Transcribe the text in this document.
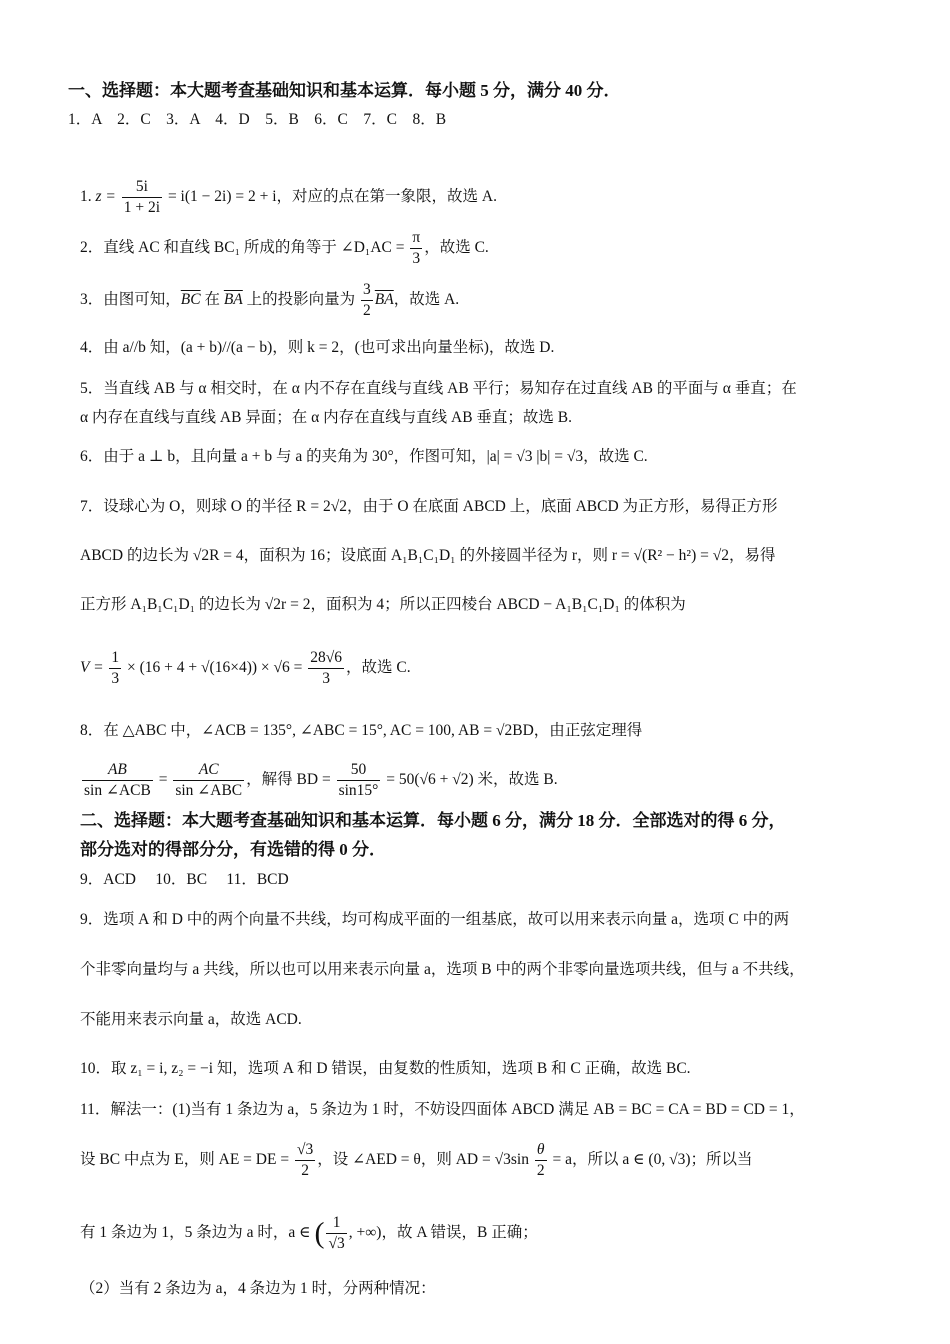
一、选择题：本大题考查基础知识和基本运算．每小题 5 分，满分 40 分．
1．A　2．C　3．A　4．D　5．B　6．C　7．C　8．B
1. $z = \frac{5i}{1 + 2i} = i(1 - 2i) = 2 + i$，对应的点在第一象限，故选 A.
2．直线 AC 和直线 BC₁ 所成的角等于 ∠D₁AC = $\frac{\pi}{3}$ ，故选 C.
3．由图可知，$\overline{BC}$ 在 $\overline{BA}$ 上的投影向量为 $\frac{3}{2} \overline{BA}$，故选 A.
4．由 a//b 知，(a + b)//(a − b)，则 k = 2，(也可求出向量坐标)，故选 D.
5．当直线 AB 与 α 相交时，在 α 内不存在直线与直线 AB 平行；易知存在过直线 AB 的平面与 α 垂直；在
α 内存在直线与直线 AB 异面；在 α 内存在直线与直线 AB 垂直；故选 B.
6．由于 a ⊥ b，且向量 a + b 与 a 的夹角为 30°，作图可知，|a| = √3 |b| = √3，故选 C.
7．设球心为 O，则球 O 的半径 R = 2√2，由于 O 在底面 ABCD 上，底面 ABCD 为正方形，易得正方形
ABCD 的边长为 √2R = 4，面积为 16；设底面 A₁B₁C₁D₁ 的外接圆半径为 r，则 r = √(R² − h²) = √2，易得
正方形 A₁B₁C₁D₁ 的边长为 √2r = 2，面积为 4；所以正四棱台 ABCD − A₁B₁C₁D₁ 的体积为
$V = \frac{1}{3} \times (16 + 4 + √(16\times 4)) \times √6 = \frac{28√6}{3}$ ，故选 C.
8．在 △ABC 中，∠ACB = 135°, ∠ABC = 15°, AC = 100, AB = √2BD，由正弦定理得
$\frac{AB}{\text{sin ∠ACB}} = \frac{AC}{\text{sin ∠ABC}}$ ，解得 BD = $\frac{50}{\sin 15^\circ} = 50(√6 + √2)$ 米，故选 B.
二、选择题：本大题考查基础知识和基本运算．每小题 6 分，满分 18 分．全部选对的得 6 分，
部分选对的得部分分，有选错的得 0 分．
9．ACD　 10．BC　 11．BCD
9．选项 A 和 D 中的两个向量不共线，均可构成平面的一组基底，故可以用来表示向量 a，选项 C 中的两
个非零向量均与 a 共线，所以也可以用来表示向量 a，选项 B 中的两个非零向量选项共线，但与 a 不共线，
不能用来表示向量 a，故选 ACD.
10．取 z₁ = i, z₂ = −i 知，选项 A 和 D 错误，由复数的性质知，选项 B 和 C 正确，故选 BC.
11．解法一：(1)当有 1 条边为 a，5 条边为 1 时，不妨设四面体 ABCD 满足 AB = BC = CA = BD = CD = 1，
设 BC 中点为 E，则 AE = DE = $\frac{√3}{2}$ ，设 ∠AED = θ，则 AD = $√3\sin \frac{\theta}{2} = a$，所以 a ∈ (0, √3)；所以当
有 1 条边为 1，5 条边为 a 时，a ∈ ( $\frac{1}{√3}$ , +∞)，故 A 错误，B 正确；
（2）当有 2 条边为 a，4 条边为 1 时，分两种情况：
